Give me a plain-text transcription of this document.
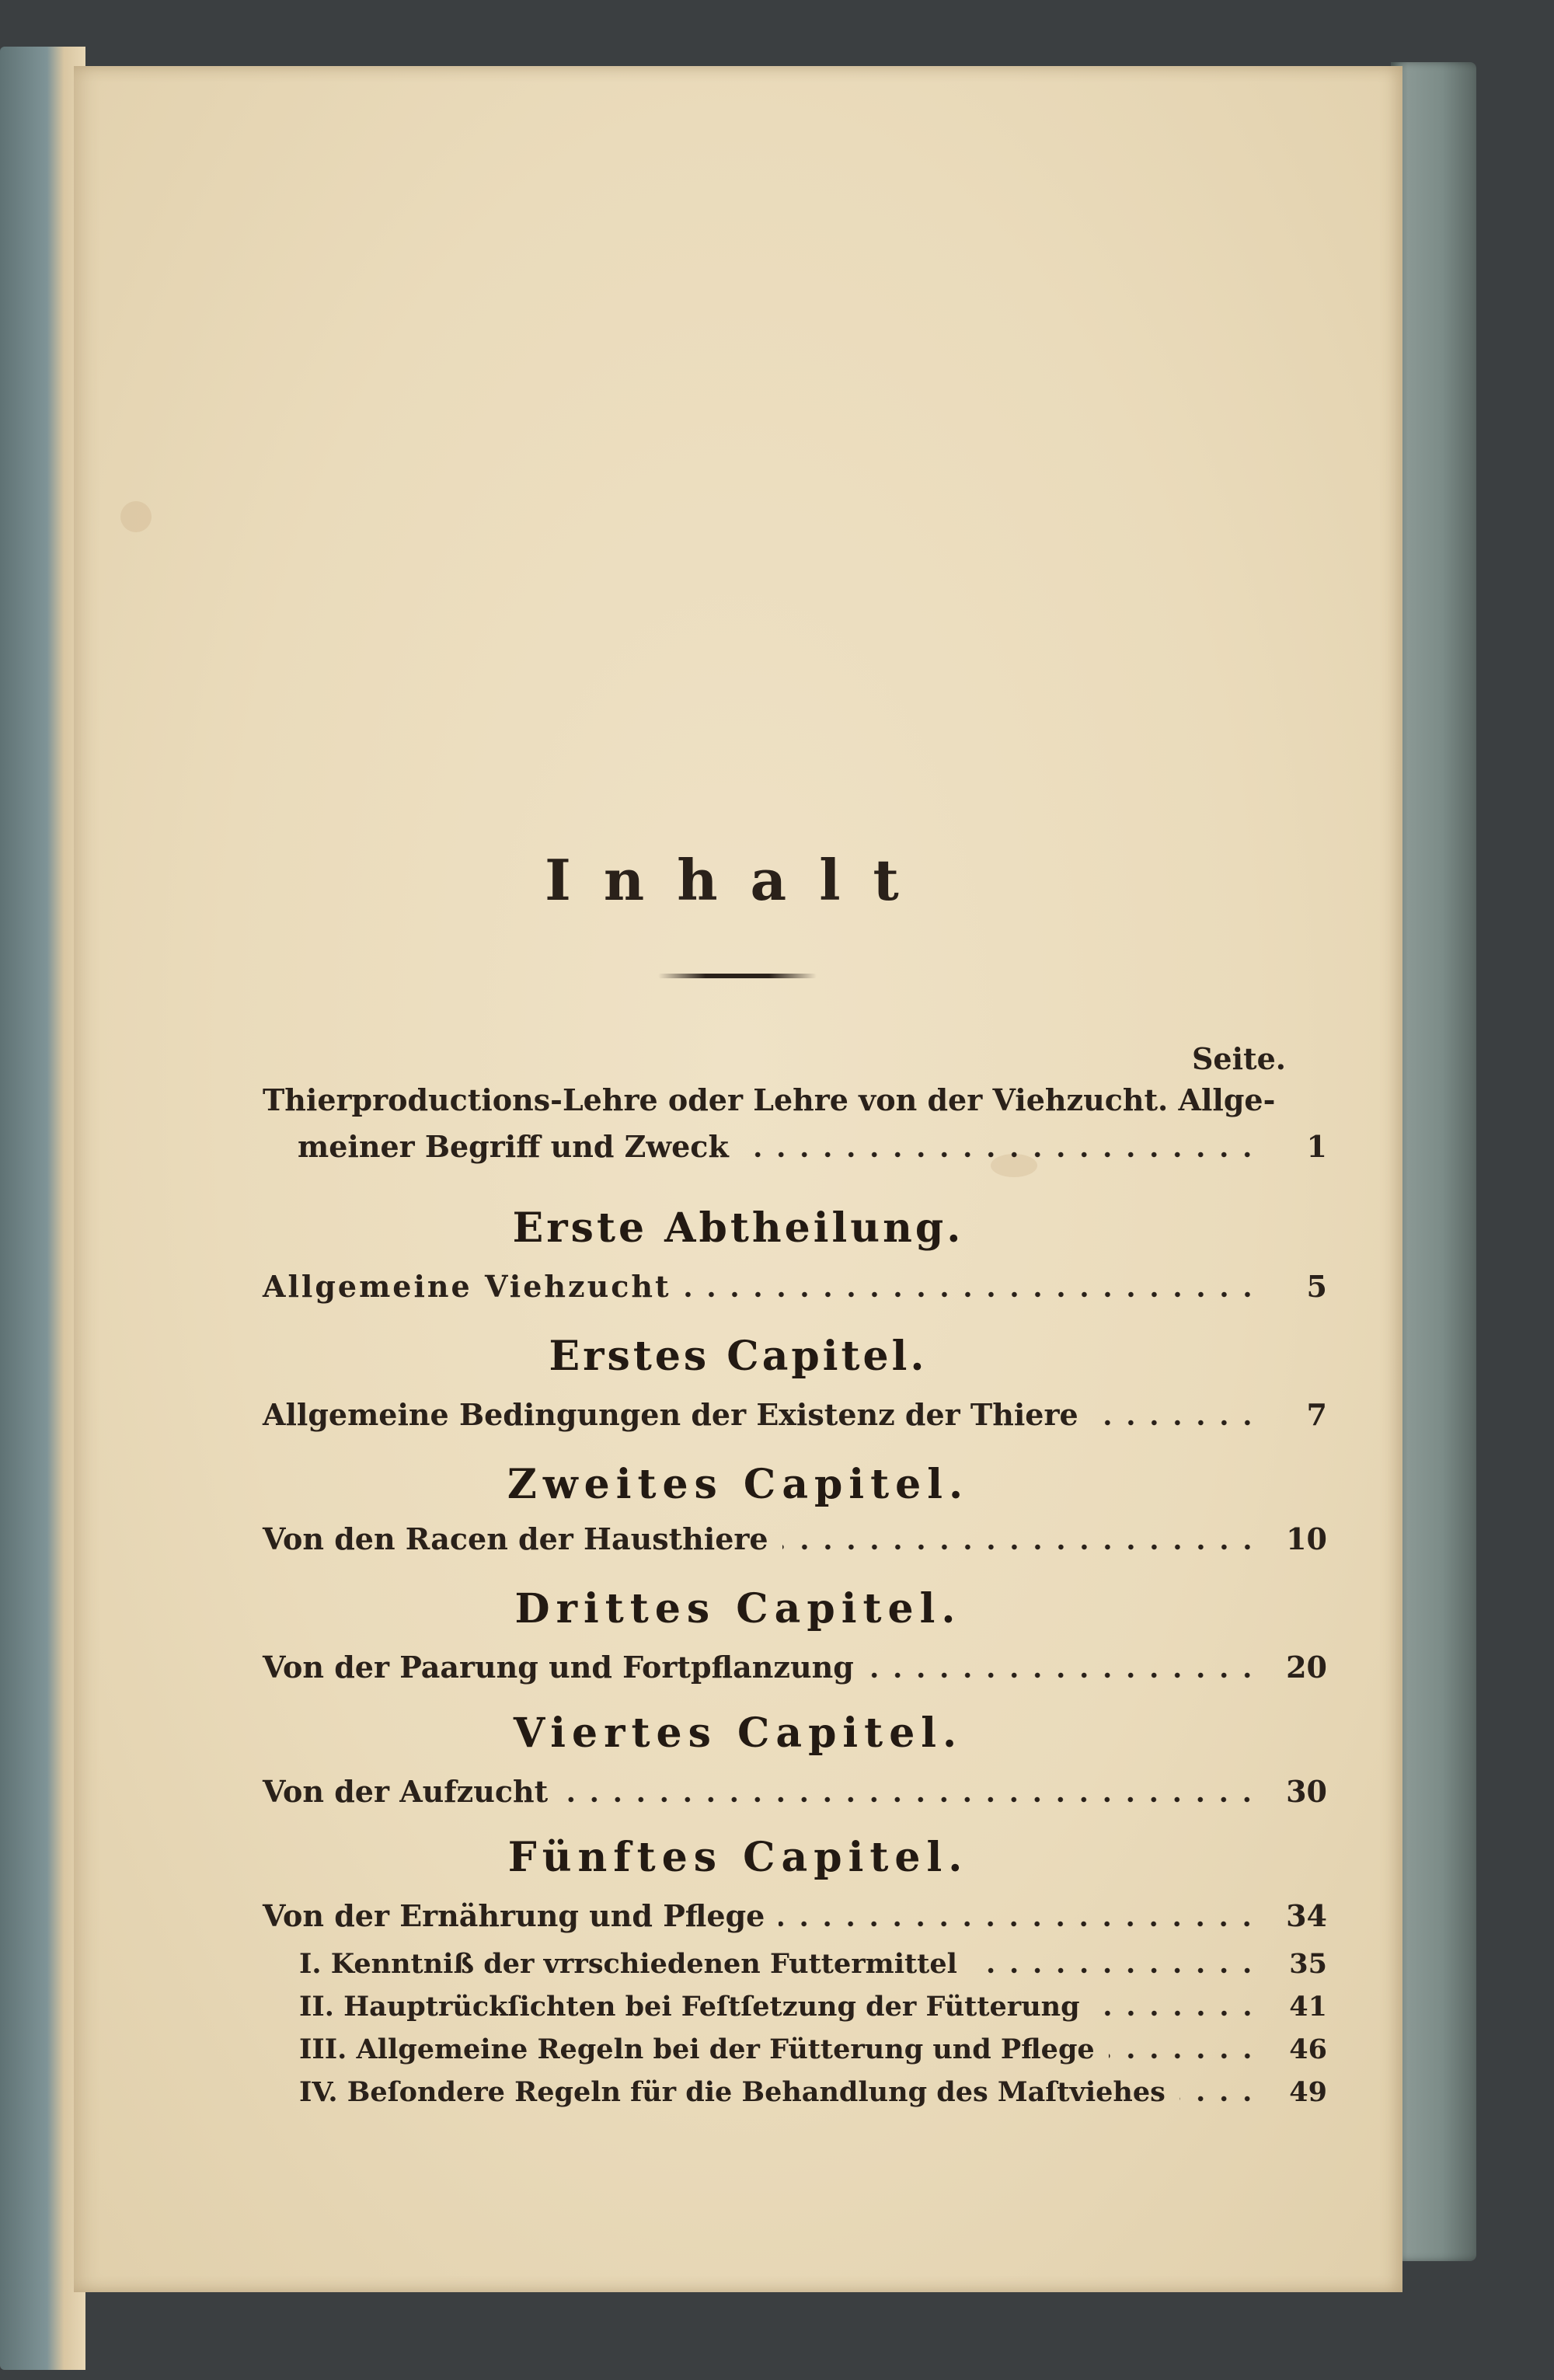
Inhalt
Seite.
Thierproductions-Lehre oder Lehre von der Viehzucht. Allge-
meiner Begriff und Zweck	1
Erste Abtheilung.
Allgemeine Viehzucht	5
Erstes Capitel.
Allgemeine Bedingungen der Existenz der Thiere	7
Zweites Capitel.
Von den Racen der Hausthiere	10
Drittes Capitel.
Von der Paarung und Fortpflanzung	20
Viertes Capitel.
Von der Aufzucht	30
Fünftes Capitel.
Von der Ernährung und Pflege	34
I. Kenntniß der vrrschiedenen Futtermittel	35
II. Hauptrückſichten bei Feſtſetzung der Fütterung	41
III. Allgemeine Regeln bei der Fütterung und Pflege	46
IV. Beſondere Regeln für die Behandlung des Maſtviehes	49
